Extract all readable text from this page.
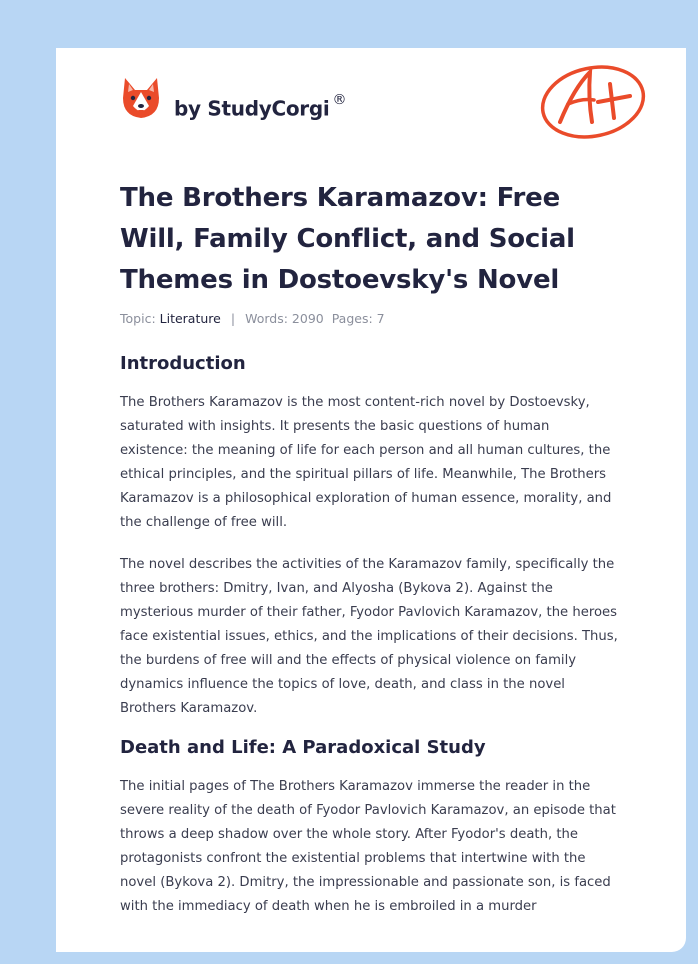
by StudyCorgi ®
The Brothers Karamazov: Free Will, Family Conflict, and Social Themes in Dostoevsky's Novel
Topic: Literature | Words: 2090 Pages: 7
Introduction

The Brothers Karamazov is the most content-rich novel by Dostoevsky, saturated with insights. It presents the basic questions of human existence: the meaning of life for each person and all human cultures, the ethical principles, and the spiritual pillars of life. Meanwhile, The Brothers Karamazov is a philosophical exploration of human essence, morality, and the challenge of free will.

The novel describes the activities of the Karamazov family, specifically the three brothers: Dmitry, Ivan, and Alyosha (Bykova 2). Against the mysterious murder of their father, Fyodor Pavlovich Karamazov, the heroes face existential issues, ethics, and the implications of their decisions. Thus, the burdens of free will and the effects of physical violence on family dynamics influence the topics of love, death, and class in the novel Brothers Karamazov.

Death and Life: A Paradoxical Study

The initial pages of The Brothers Karamazov immerse the reader in the severe reality of the death of Fyodor Pavlovich Karamazov, an episode that throws a deep shadow over the whole story. After Fyodor's death, the protagonists confront the existential problems that intertwine with the novel (Bykova 2). Dmitry, the impressionable and passionate son, is faced with the immediacy of death when he is embroiled in a murder
